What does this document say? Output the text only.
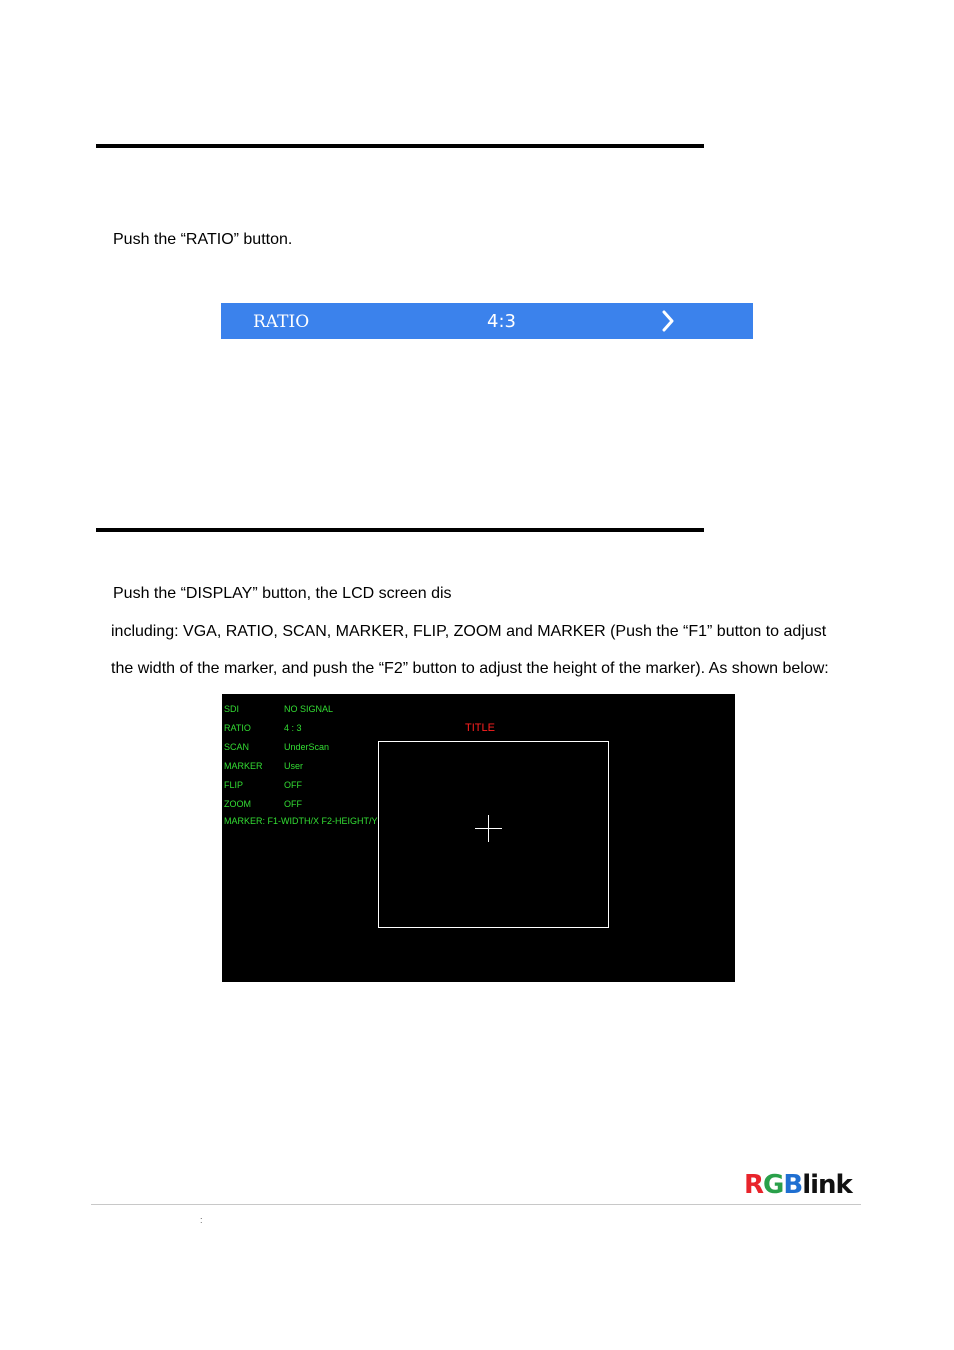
Push the “RATIO” button.
RATIO	4:3
Push the “DISPLAY” button, the LCD screen dis
including: VGA, RATIO, SCAN, MARKER, FLIP, ZOOM and MARKER (Push the “F1” button to adjust
the width of the marker, and push the “F2” button to adjust the height of the marker). As shown below:
SDI	NO SIGNAL
RATIO	4 : 3
SCAN	UnderScan
MARKER User
FLIP	OFF
ZOOM	OFF
MARKER: F1-WIDTH/X F2-HEIGHT/Y
TITLE
RGBlink
:
